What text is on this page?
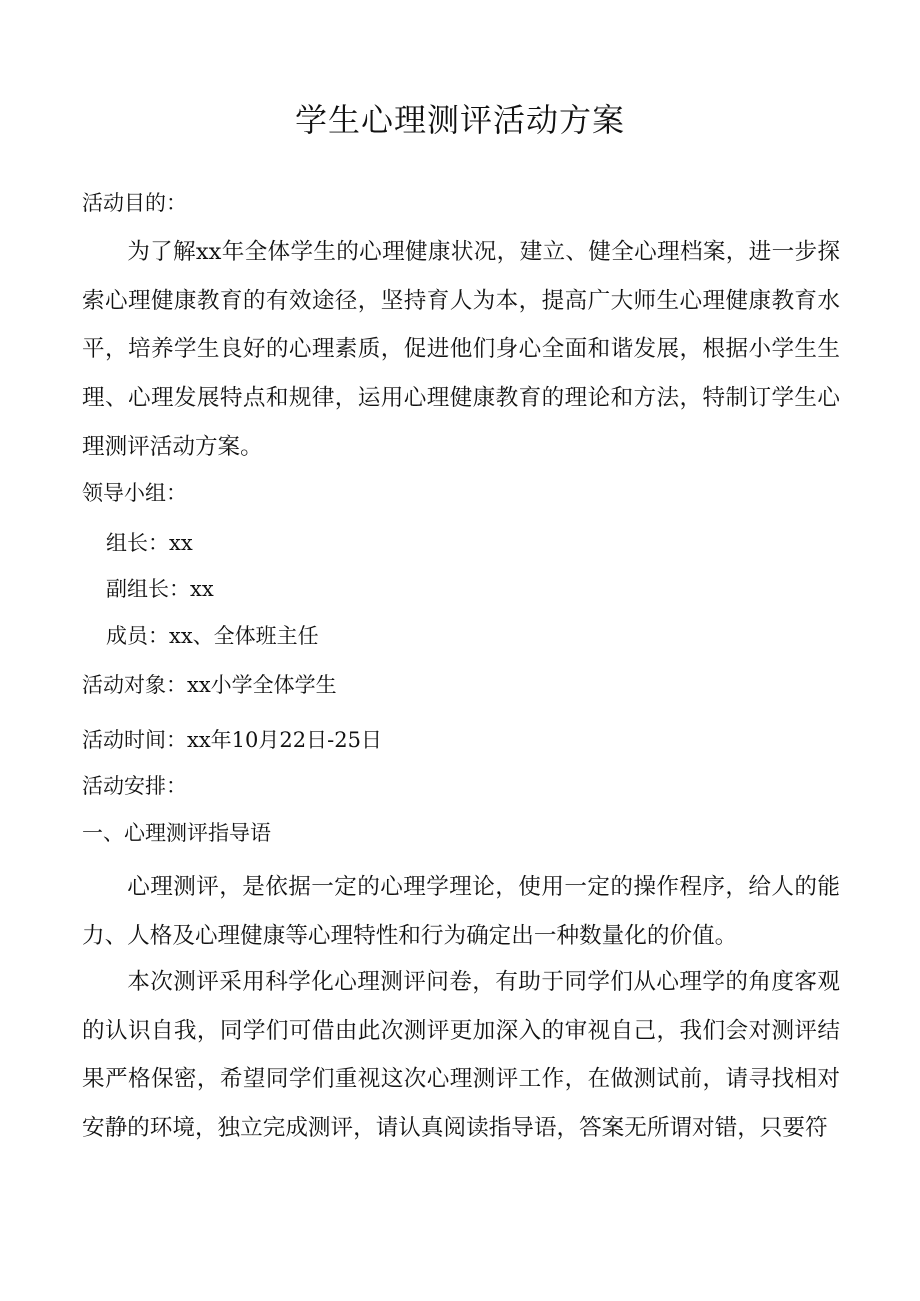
学生心理测评活动方案
活动目的：

为了解xx年全体学生的心理健康状况，建立、健全心理档案，进一步探索心理健康教育的有效途径，坚持育人为本，提高广大师生心理健康教育水平，培养学生良好的心理素质，促进他们身心全面和谐发展，根据小学生生理、心理发展特点和规律，运用心理健康教育的理论和方法，特制订学生心理测评活动方案。

领导小组：
组长：xx
副组长：xx
成员：xx、全体班主任
活动对象：xx小学全体学生
活动时间：xx年10月22日-25日
活动安排：
一、心理测评指导语

心理测评，是依据一定的心理学理论，使用一定的操作程序，给人的能力、人格及心理健康等心理特性和行为确定出一种数量化的价值。

本次测评采用科学化心理测评问卷，有助于同学们从心理学的角度客观的认识自我，同学们可借由此次测评更加深入的审视自己，我们会对测评结果严格保密，希望同学们重视这次心理测评工作，在做测试前，请寻找相对安静的环境，独立完成测评，请认真阅读指导语，答案无所谓对错，只要符
